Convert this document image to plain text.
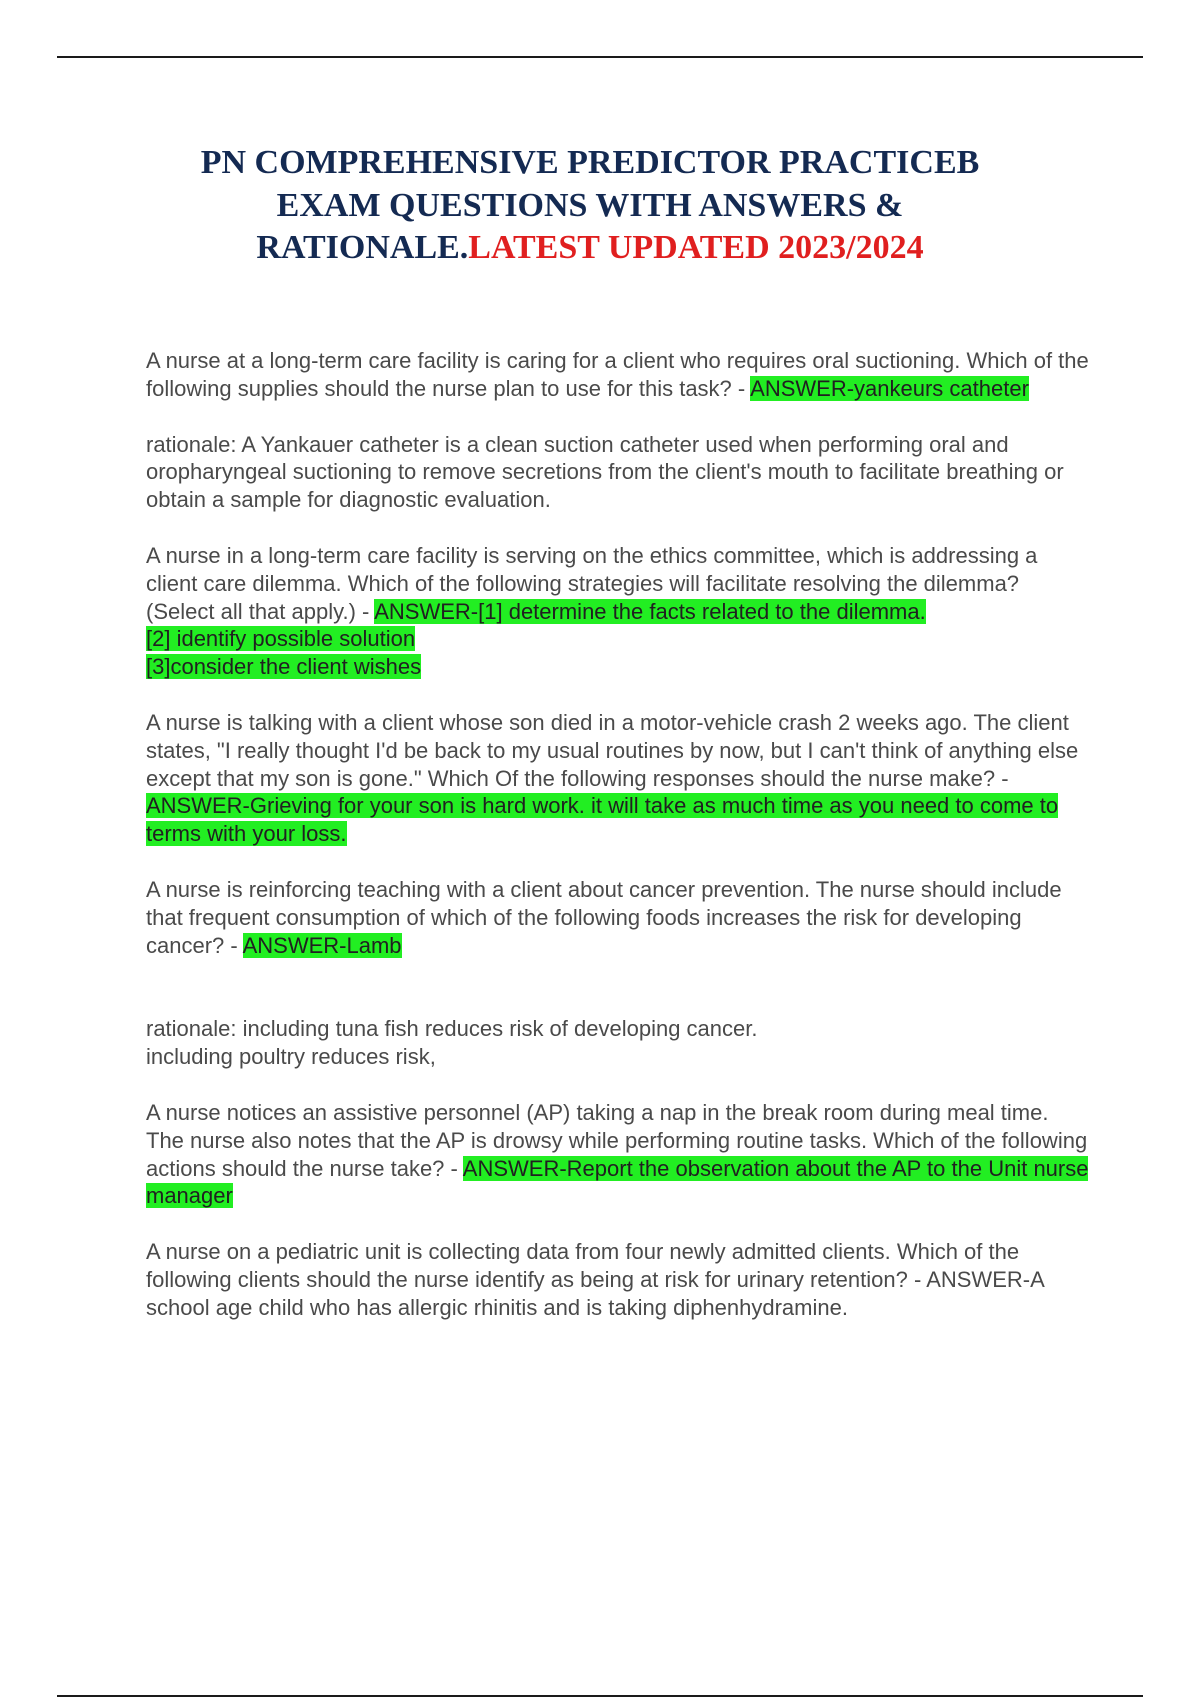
PN COMPREHENSIVE PREDICTOR PRACTICEB
EXAM QUESTIONS WITH ANSWERS &
RATIONALE.LATEST UPDATED 2023/2024

A nurse at a long-term care facility is caring for a client who requires oral suctioning. Which of the following supplies should the nurse plan to use for this task? - ANSWER-yankeurs catheter

rationale: A Yankauer catheter is a clean suction catheter used when performing oral and oropharyngeal suctioning to remove secretions from the client's mouth to facilitate breathing or obtain a sample for diagnostic evaluation.

A nurse in a long-term care facility is serving on the ethics committee, which is addressing a client care dilemma. Which of the following strategies will facilitate resolving the dilemma? (Select all that apply.) - ANSWER-[1] determine the facts related to the dilemma.
[2] identify possible solution
[3]consider the client wishes

A nurse is talking with a client whose son died in a motor-vehicle crash 2 weeks ago. The client states, "I really thought I'd be back to my usual routines by now, but I can't think of anything else except that my son is gone." Which Of the following responses should the nurse make? - ANSWER-Grieving for your son is hard work. it will take as much time as you need to come to terms with your loss.

A nurse is reinforcing teaching with a client about cancer prevention. The nurse should include that frequent consumption of which of the following foods increases the risk for developing cancer? - ANSWER-Lamb

rationale: including tuna fish reduces risk of developing cancer.
including poultry reduces risk,

A nurse notices an assistive personnel (AP) taking a nap in the break room during meal time. The nurse also notes that the AP is drowsy while performing routine tasks. Which of the following actions should the nurse take? - ANSWER-Report the observation about the AP to the Unit nurse manager

A nurse on a pediatric unit is collecting data from four newly admitted clients. Which of the following clients should the nurse identify as being at risk for urinary retention? - ANSWER-A school age child who has allergic rhinitis and is taking diphenhydramine.
